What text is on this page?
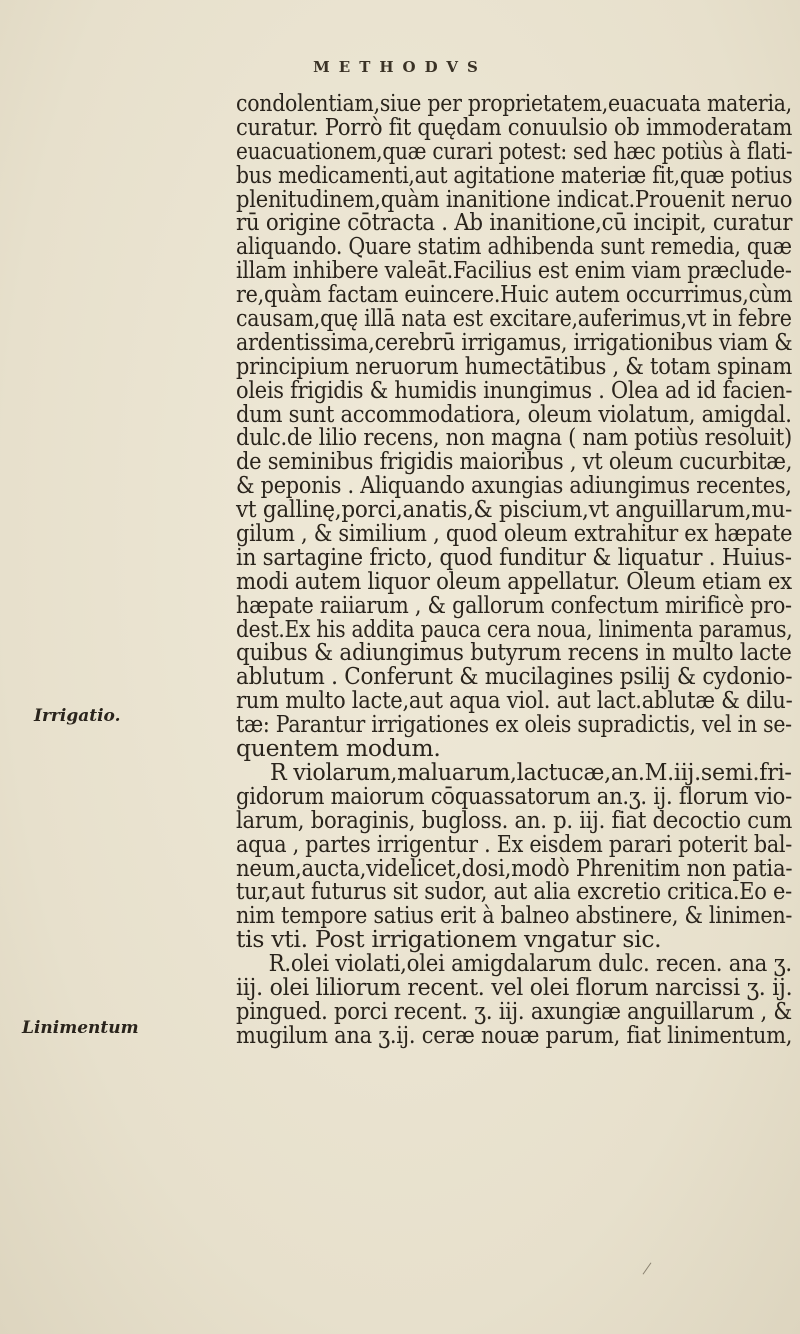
METHODVS
Irrigatio.
Linimentum
condolentiam,siue per proprietatem,euacuata materia,
curatur. Porrò fit quędam conuulsio ob immoderatam
euacuationem,quæ curari potest: sed hæc potiùs à flati-
bus medicamenti,aut agitatione materiæ fit,quæ potius
plenitudinem,quàm inanitione indicat.Prouenit neruo
rū origine cōtracta . Ab inanitione,cū incipit, curatur
aliquando. Quare statim adhibenda sunt remedia, quæ
illam inhibere valeāt.Facilius est enim viam præclude-
re,quàm factam euincere.Huic autem occurrimus,cùm
causam,quę illā nata est excitare,auferimus,vt in febre
ardentissima,cerebrū irrigamus, irrigationibus viam &
principium neruorum humectātibus , & totam spinam
oleis frigidis & humidis inungimus . Olea ad id facien-
dum sunt accommodatiora, oleum violatum, amigdal.
dulc.de lilio recens, non magna ( nam potiùs resoluit)
de seminibus frigidis maioribus , vt oleum cucurbitæ,
& peponis . Aliquando axungias adiungimus recentes,
vt gallinę,porci,anatis,& piscium,vt anguillarum,mu-
gilum , & similium , quod oleum extrahitur ex hæpate
in sartagine fricto, quod funditur & liquatur . Huius-
modi autem liquor oleum appellatur. Oleum etiam ex
hæpate raiiarum , & gallorum confectum mirificè pro-
dest.Ex his addita pauca cera noua, linimenta paramus,
quibus & adiungimus butyrum recens in multo lacte
ablutum . Conferunt & mucilagines psilij & cydonio-
rum multo lacte,aut aqua viol. aut lact.ablutæ & dilu-
tæ: Parantur irrigationes ex oleis supradictis, vel in se-
quentem modum.
R violarum,maluarum,lactucæ,an.M.iij.semi.fri-
gidorum maiorum cōquassatorum an.ʒ. ij. florum vio-
larum, boraginis, bugloss. an. p. iij. fiat decoctio cum
aqua , partes irrigentur . Ex eisdem parari poterit bal-
neum,aucta,videlicet,dosi,modò Phrenitim non patia-
tur,aut futurus sit sudor, aut alia excretio critica.Eo e-
nim tempore satius erit à balneo abstinere, & linimen-
tis vti. Post irrigationem vngatur sic.
R.olei violati,olei amigdalarum dulc. recen. ana ʒ.
iij. olei liliorum recent. vel olei florum narcissi ʒ. ij.
pingued. porci recent. ʒ. iij. axungiæ anguillarum , &
mugilum ana ʒ.ij. ceræ nouæ parum, fiat linimentum,
